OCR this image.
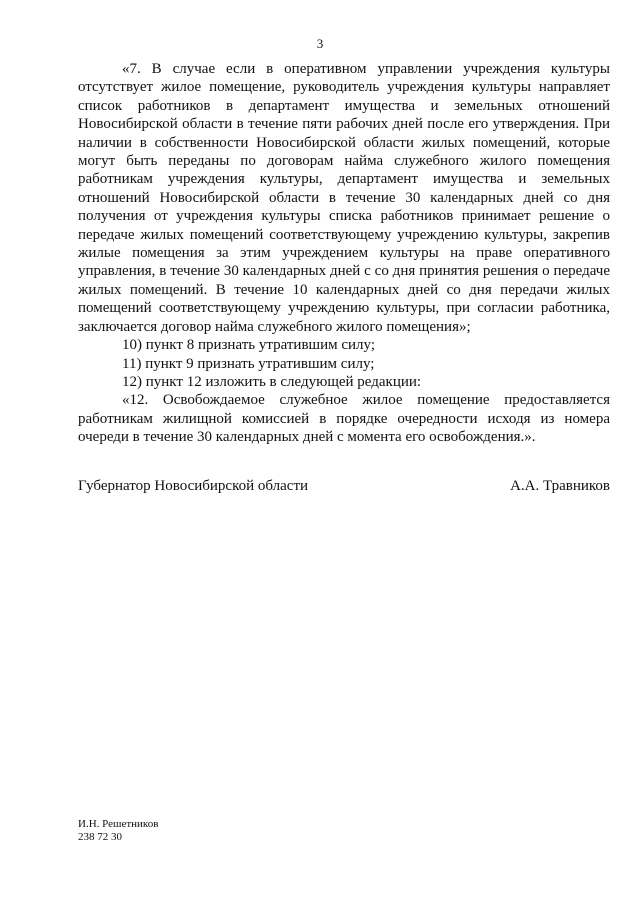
3

«7. В случае если в оперативном управлении учреждения культуры отсутствует жилое помещение, руководитель учреждения культуры направляет список работников в департамент имущества и земельных отношений Новосибирской области в течение пяти рабочих дней после его утверждения. При наличии в собственности Новосибирской области жилых помещений, которые могут быть переданы по договорам найма служебного жилого помещения работникам учреждения культуры, департамент имущества и земельных отношений Новосибирской области в течение 30 календарных дней со дня получения от учреждения культуры списка работников принимает решение о передаче жилых помещений соответствующему учреждению культуры, закрепив жилые помещения за этим учреждением культуры на праве оперативного управления, в течение 30 календарных дней с со дня принятия решения о передаче жилых помещений. В течение 10 календарных дней со дня передачи жилых помещений соответствующему учреждению культуры, при согласии работника, заключается договор найма служебного жилого помещения»;

10) пункт 8 признать утратившим силу;

11) пункт 9 признать утратившим силу;

12) пункт 12 изложить в следующей редакции:

«12. Освобождаемое служебное жилое помещение предоставляется работникам жилищной комиссией в порядке очередности исходя из номера очереди в течение 30 календарных дней с момента его освобождения.».

Губернатор Новосибирской области	А.А. Травников
И.Н. Решетников
238 72 30
